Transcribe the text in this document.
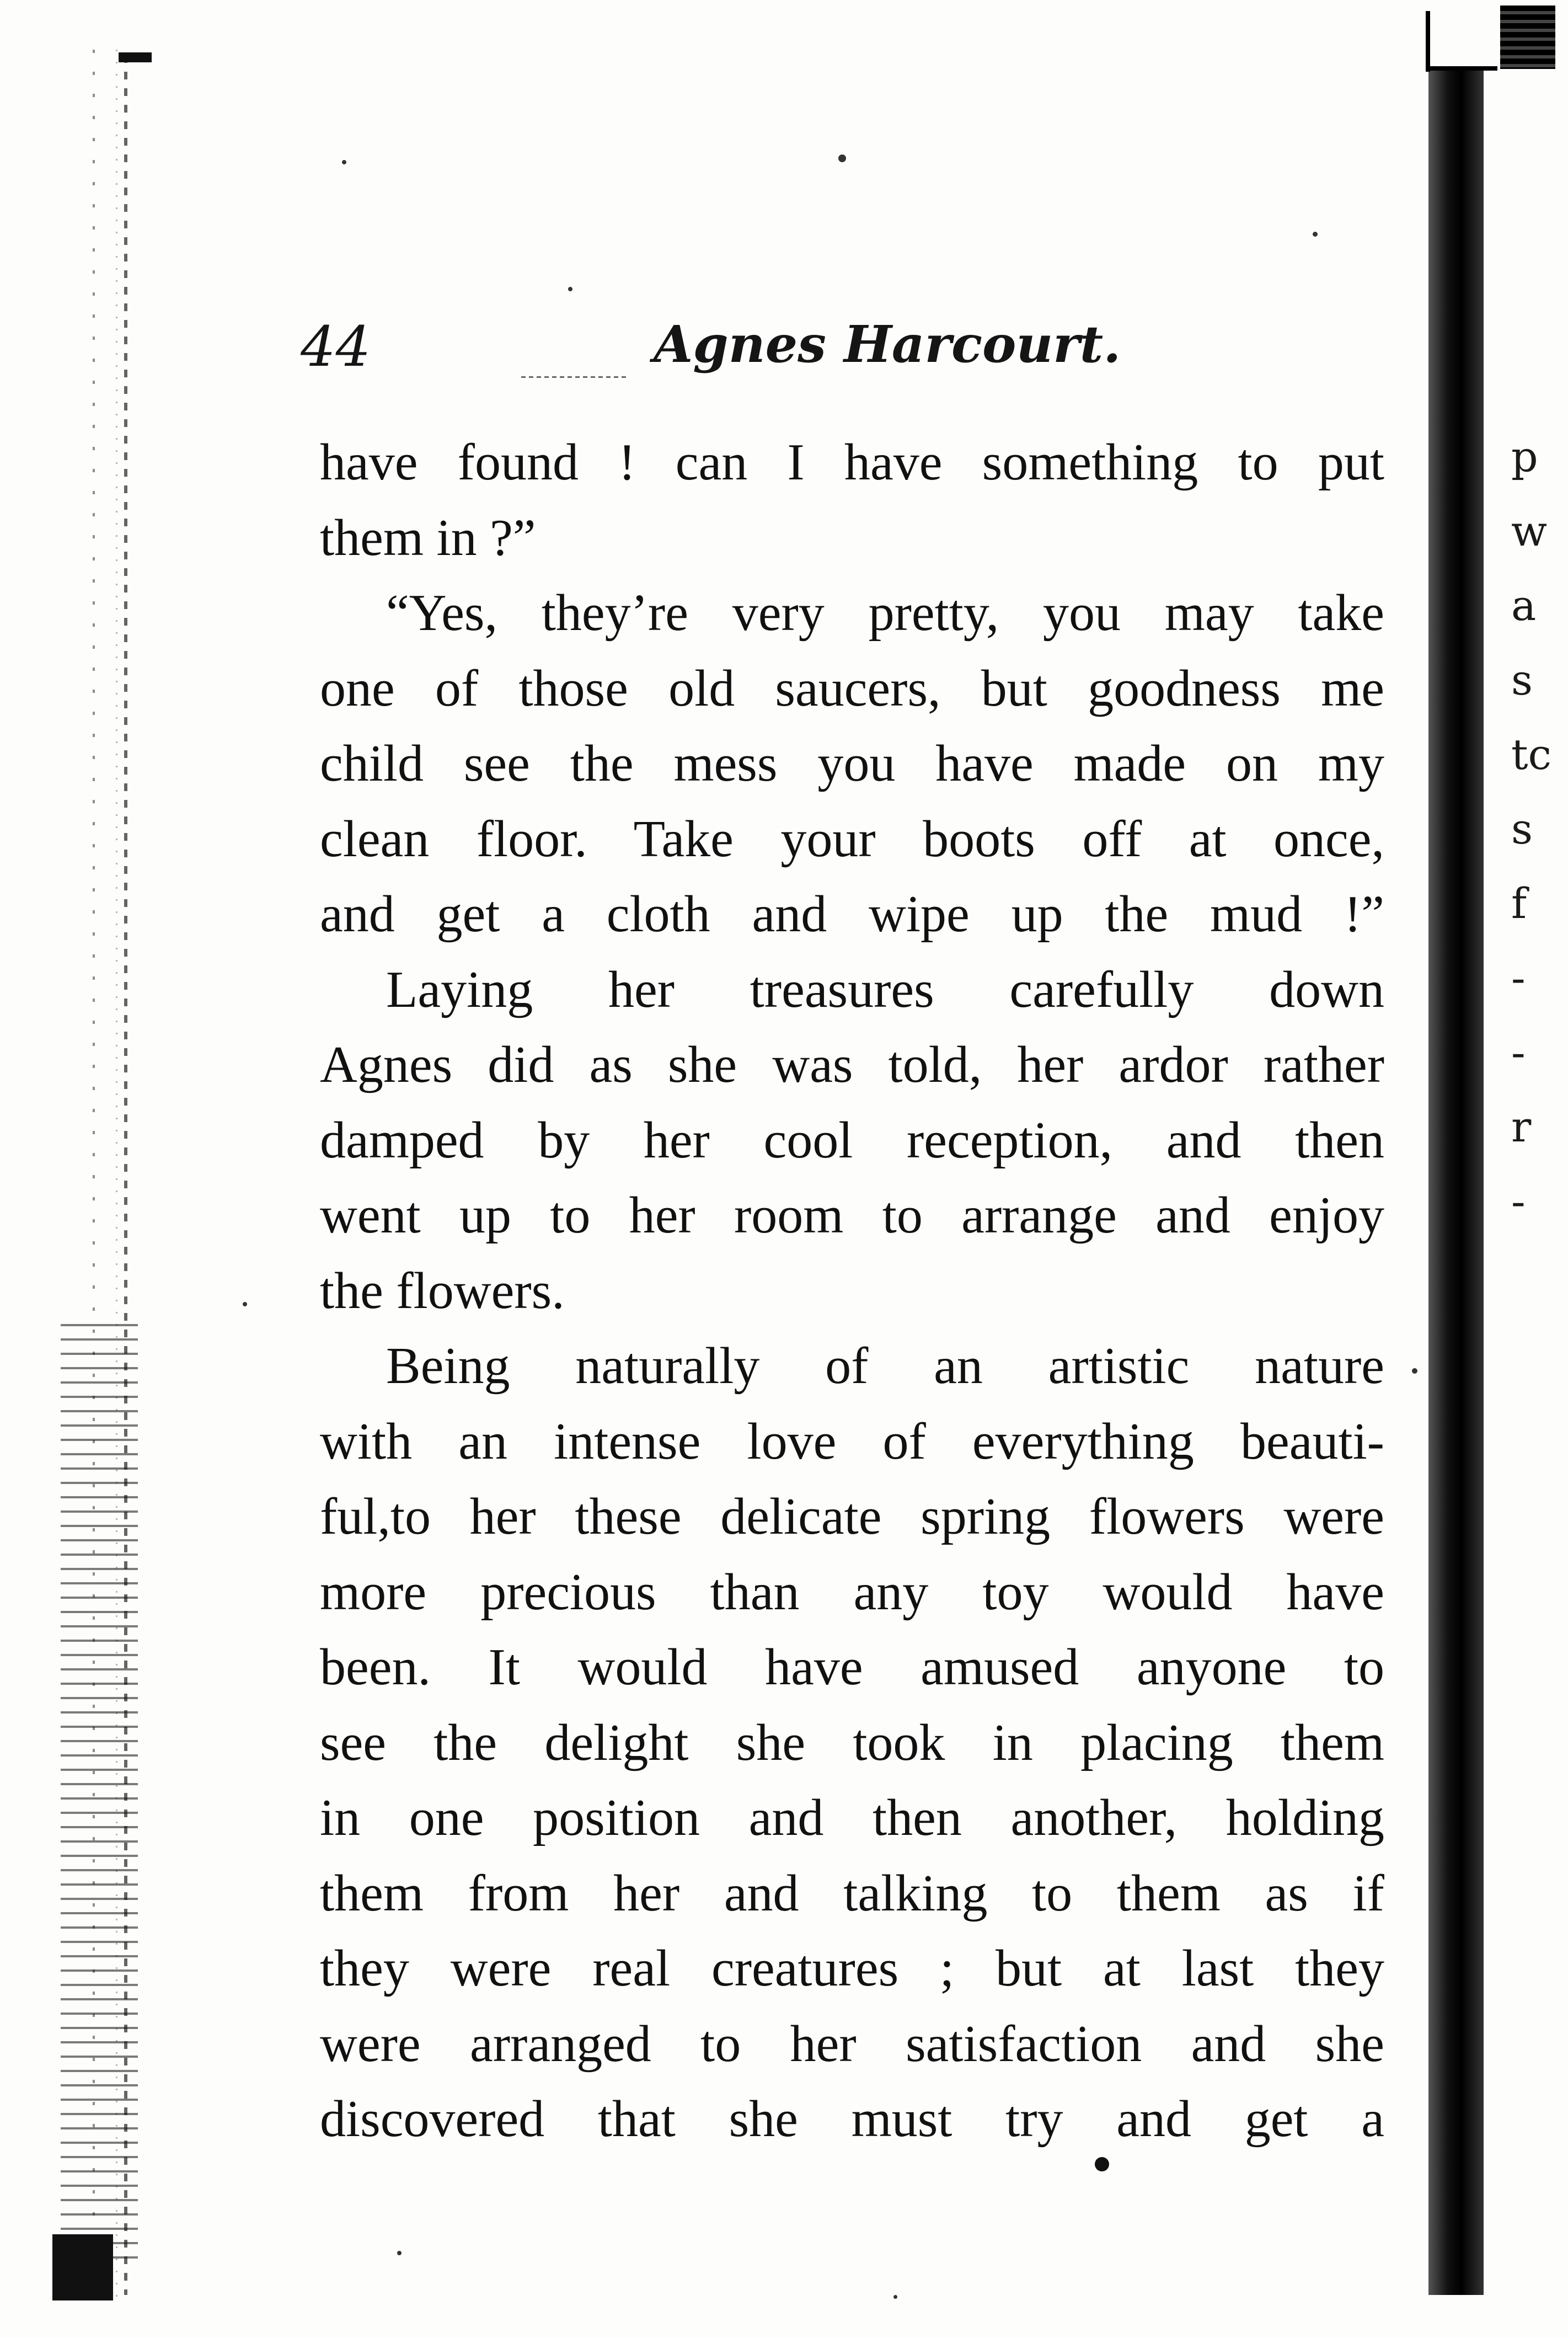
p
w
a
s
tc
s
f
-
-
r
-
44	Agnes Harcourt.
have found ! can I have something to put
them in ?”
“Yes, they’re very pretty, you may take
one of those old saucers, but goodness me
child see the mess you have made on my
clean floor. Take your boots off at once,
and get a cloth and wipe up the mud !”
Laying her treasures carefully down
Agnes did as she was told, her ardor rather
damped by her cool reception, and then
went up to her room to arrange and enjoy
the flowers.
Being naturally of an artistic nature
with an intense love of everything beauti-
ful,to her these delicate spring flowers were
more precious than any toy would have
been. It would have amused anyone to
see the delight she took in placing them
in one position and then another, holding
them from her and talking to them as if
they were real creatures ; but at last they
were arranged to her satisfaction and she
discovered that she must try and get a
